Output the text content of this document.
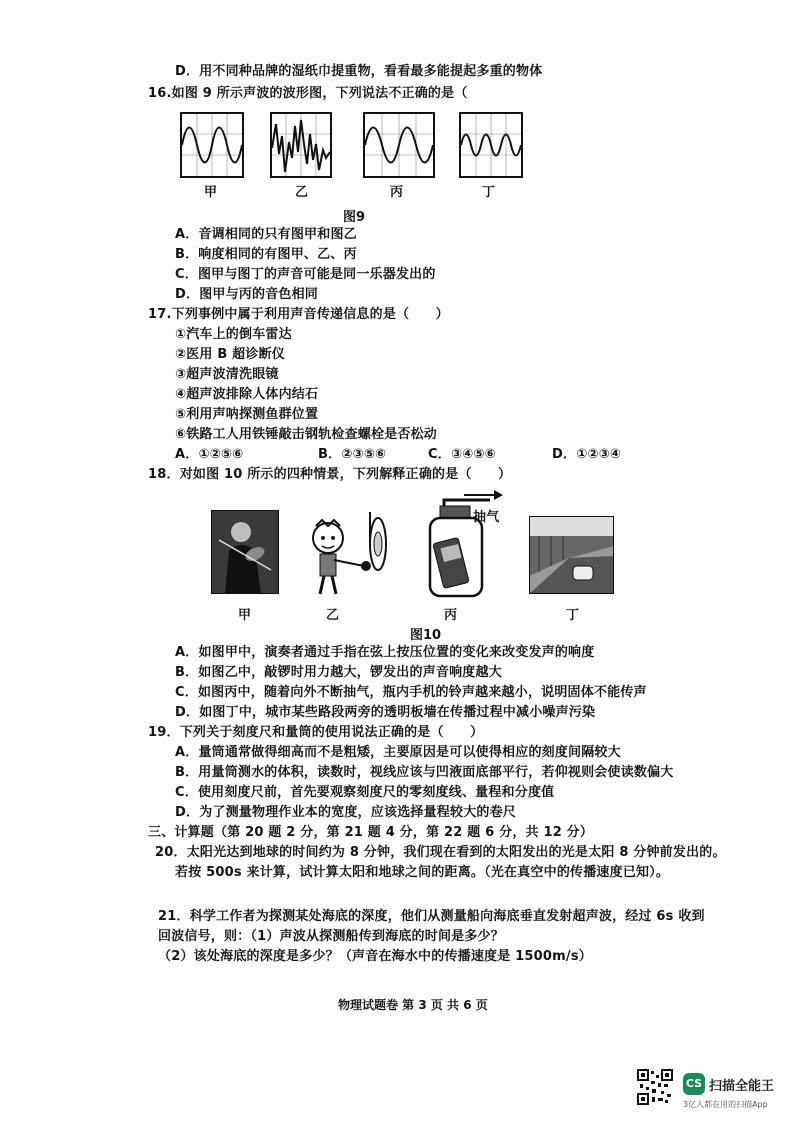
D．用不同种品牌的湿纸巾提重物，看看最多能提起多重的物体
16.如图 9 所示声波的波形图，下列说法不正确的是（
甲	乙	丙	丁
图9
A．音调相同的只有图甲和图乙
B．响度相同的有图甲、乙、丙
C．图甲与图丁的声音可能是同一乐器发出的
D．图甲与丙的音色相同
17.下列事例中属于利用声音传递信息的是（　　）
①汽车上的倒车雷达
②医用 B 超诊断仪
③超声波清洗眼镜
④超声波排除人体内结石
⑤利用声呐探测鱼群位置
⑥铁路工人用铁锤敲击钢轨检查螺栓是否松动
A．①②⑤⑥	B．②③⑤⑥	C．③④⑤⑥	D．①②③④
18．对如图 10 所示的四种情景，下列解释正确的是（　　）
抽气
甲	乙	丙	丁
图10
A．如图甲中，演奏者通过手指在弦上按压位置的变化来改变发声的响度
B．如图乙中，敲锣时用力越大，锣发出的声音响度越大
C．如图丙中，随着向外不断抽气，瓶内手机的铃声越来越小，说明固体不能传声
D．如图丁中，城市某些路段两旁的透明板墙在传播过程中减小噪声污染
19．下列关于刻度尺和量筒的使用说法正确的是（　　）
A．量筒通常做得细高而不是粗矮，主要原因是可以使得相应的刻度间隔较大
B．用量筒测水的体积，读数时，视线应该与凹液面底部平行，若仰视则会使读数偏大
C．使用刻度尺前，首先要观察刻度尺的零刻度线、量程和分度值
D．为了测量物理作业本的宽度，应该选择量程较大的卷尺
三、计算题（第 20 题 2 分，第 21 题 4 分，第 22 题 6 分，共 12 分）
20．太阳光达到地球的时间约为 8 分钟，我们现在看到的太阳发出的光是太阳 8 分钟前发出的。
若按 500s 来计算，试计算太阳和地球之间的距离。（光在真空中的传播速度已知）。
21．科学工作者为探测某处海底的深度，他们从测量船向海底垂直发射超声波，经过 6s 收到
回波信号，则：（1）声波从探测船传到海底的时间是多少？
（2）该处海底的深度是多少？（声音在海水中的传播速度是 1500m/s）
物理试题卷 第 3 页 共 6 页
CS 扫描全能王
3亿人都在用的扫描App
